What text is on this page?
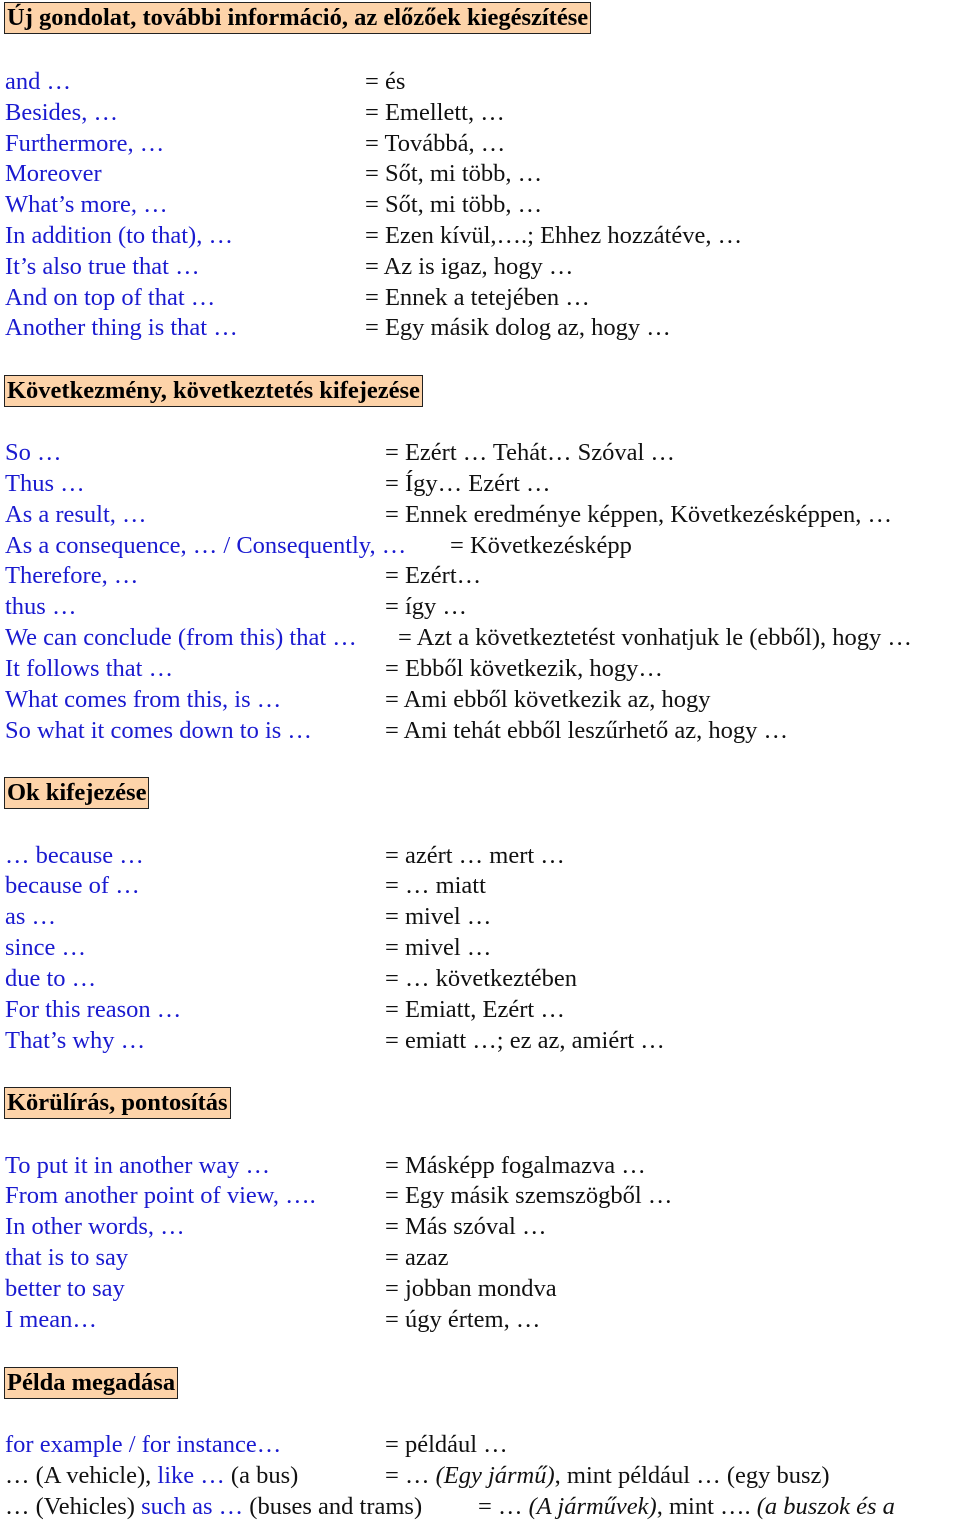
Új gondolat, további információ, az előzőek kiegészítése
and …	= és
Besides, …	= Emellett, …
Furthermore, …	= Továbbá, …
Moreover	= Sőt, mi több, …
What’s more, …	= Sőt, mi több, …
In addition (to that), …	= Ezen kívül,….; Ehhez hozzátéve, …
It’s also true that …	= Az is igaz, hogy …
And on top of that …	= Ennek a tetejében …
Another thing is that …	= Egy másik dolog az, hogy …
Következmény, következtetés kifejezése
So …	= Ezért … Tehát… Szóval …
Thus …	= Így… Ezért …
As a result, …	= Ennek eredménye képpen, Következésképpen, …
As a consequence, … / Consequently, … = Következésképp
Therefore, …	= Ezért…
thus …	= így …
We can conclude (from this) that … = Azt a következtetést vonhatjuk le (ebből), hogy …
It follows that …	= Ebből következik, hogy…
What comes from this, is …	= Ami ebből következik az, hogy
So what it comes down to is …	= Ami tehát ebből leszűrhető az, hogy …
Ok kifejezése
… because …	= azért … mert …
because of …	= … miatt
as …	= mivel …
since …	= mivel …
due to …	= … következtében
For this reason …	= Emiatt, Ezért …
That’s why …	= emiatt …; ez az, amiért …
Körülírás, pontosítás
To put it in another way …	= Másképp fogalmazva …
From another point of view, ….	= Egy másik szemszögből …
In other words, …	= Más szóval …
that is to say	= azaz
better to say	= jobban mondva
I mean…	= úgy értem, …
Példa megadása
for example / for instance…	= például …
… (A vehicle), like … (a bus)	= … (Egy jármű), mint például … (egy busz)
… (Vehicles) such as … (buses and trams) = … (A járművek), mint …. (a buszok és a
